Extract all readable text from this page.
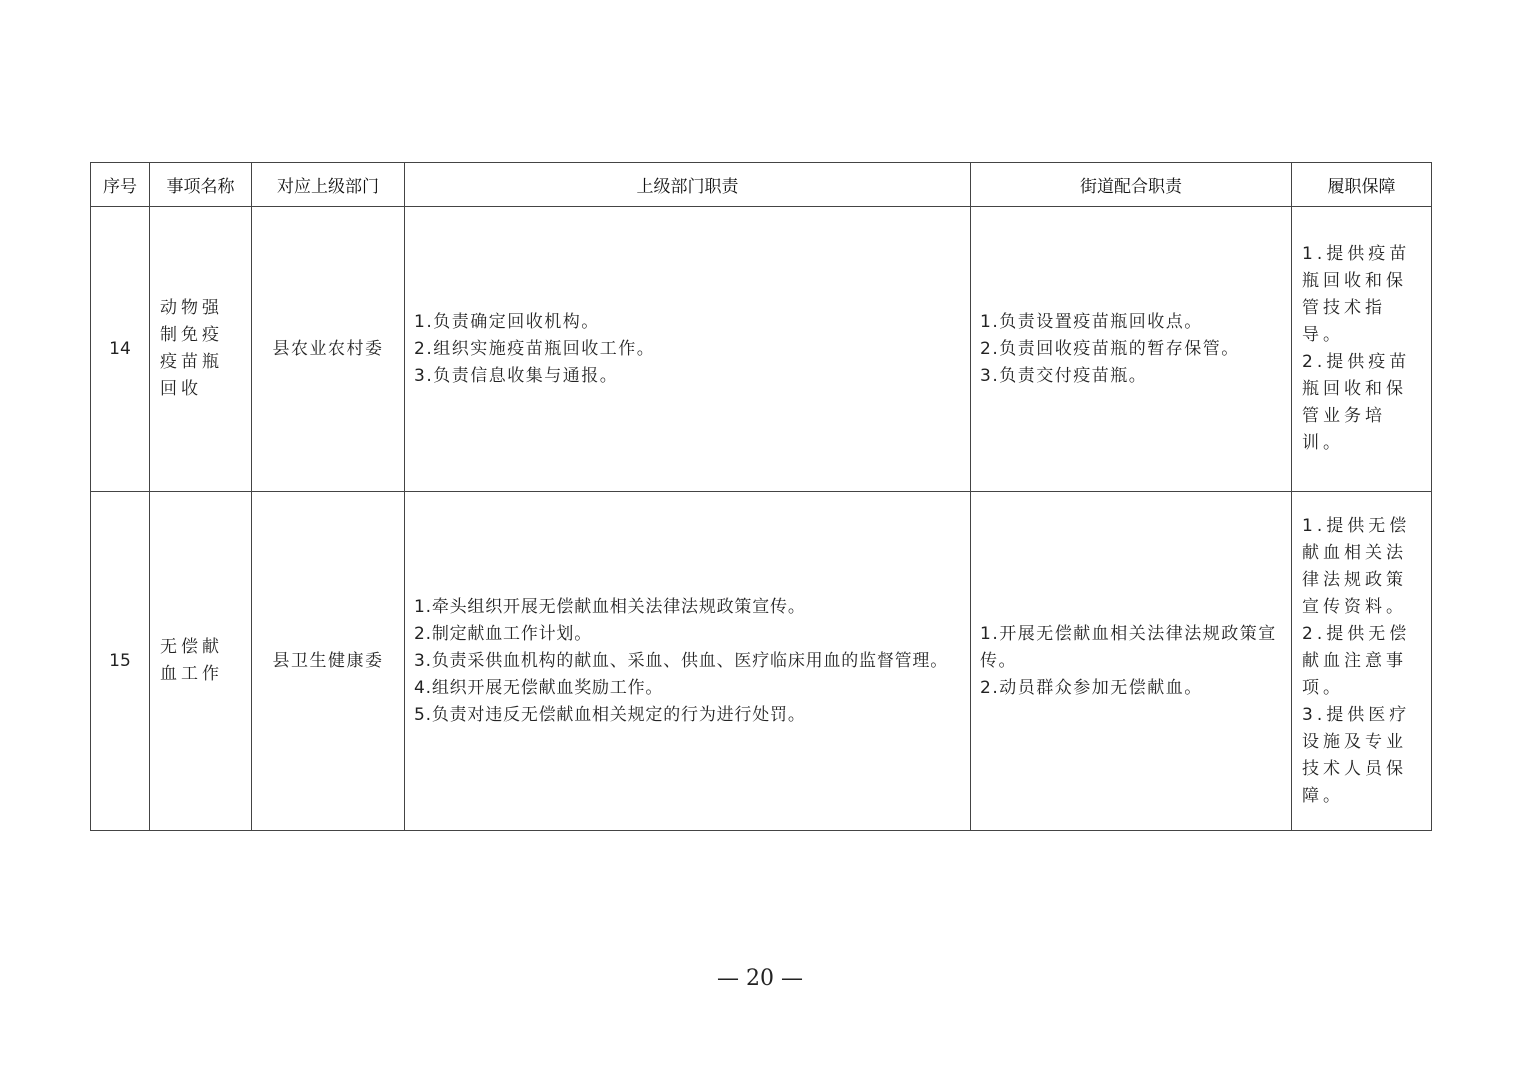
序号	事项名称	对应上级部门	上级部门职责	街道配合职责	履职保障
14	动物强制免疫疫苗瓶回收	县农业农村委	1.负责确定回收机构。
2.组织实施疫苗瓶回收工作。
3.负责信息收集与通报。	1.负责设置疫苗瓶回收点。
2.负责回收疫苗瓶的暂存保管。
3.负责交付疫苗瓶。	1.提供疫苗瓶回收和保管技术指导。
2.提供疫苗瓶回收和保管业务培训。

15	无偿献血工作	县卫生健康委	1.牵头组织开展无偿献血相关法律法规政策宣传。
2.制定献血工作计划。
3.负责采供血机构的献血、采血、供血、医疗临床用血的监督管理。
4.组织开展无偿献血奖励工作。
5.负责对违反无偿献血相关规定的行为进行处罚。	1.开展无偿献血相关法律法规政策宣传。
2.动员群众参加无偿献血。	1.提供无偿献血相关法律法规政策宣传资料。
2.提供无偿献血注意事项。
3.提供医疗设施及专业技术人员保障。
— 20 —
